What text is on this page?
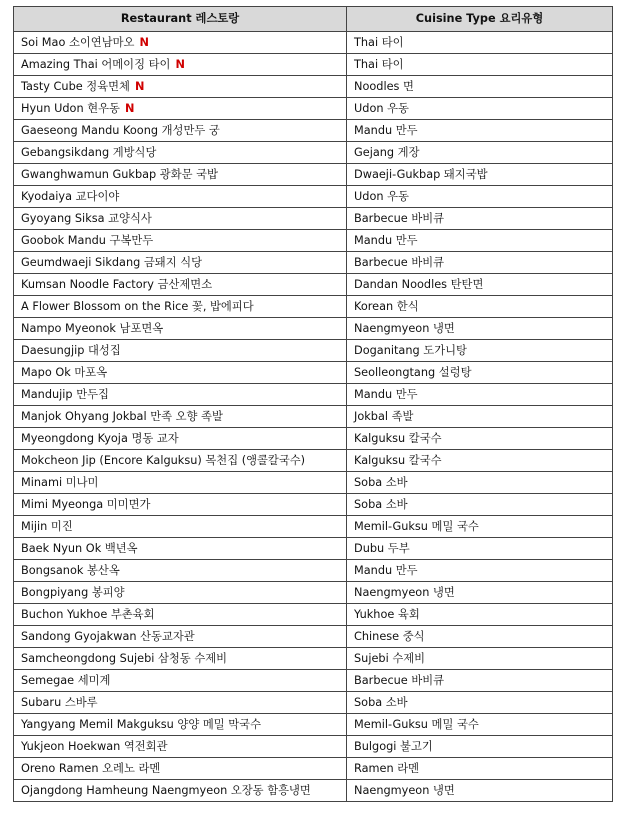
Restaurant 레스토랑	Cuisine Type 요리유형
Soi Mao 소이연남마오 N	Thai 타이
Amazing Thai 어메이징 타이 N	Thai 타이
Tasty Cube 정육면체 N	Noodles 면
Hyun Udon 현우동 N	Udon 우동
Gaeseong Mandu Koong 개성만두 궁	Mandu 만두
Gebangsikdang 게방식당	Gejang 게장
Gwanghwamun Gukbap 광화문 국밥	Dwaeji-Gukbap 돼지국밥
Kyodaiya 교다이야	Udon 우동
Gyoyang Siksa 교양식사	Barbecue 바비큐
Goobok Mandu 구복만두	Mandu 만두
Geumdwaeji Sikdang 금돼지 식당	Barbecue 바비큐
Kumsan Noodle Factory 금산제면소	Dandan Noodles 탄탄면
A Flower Blossom on the Rice 꽃, 밥에피다	Korean 한식
Nampo Myeonok 남포면옥	Naengmyeon 냉면
Daesungjip 대성집	Doganitang 도가니탕
Mapo Ok 마포옥	Seolleongtang 설렁탕
Mandujip 만두집	Mandu 만두
Manjok Ohyang Jokbal 만족 오향 족발	Jokbal 족발
Myeongdong Kyoja 명동 교자	Kalguksu 칼국수
Mokcheon Jip (Encore Kalguksu) 목천집 (앵콜칼국수)	Kalguksu 칼국수
Minami 미나미	Soba 소바
Mimi Myeonga 미미면가	Soba 소바
Mijin 미진	Memil-Guksu 메밀 국수
Baek Nyun Ok 백년옥	Dubu 두부
Bongsanok 봉산옥	Mandu 만두
Bongpiyang 봉피양	Naengmyeon 냉면
Buchon Yukhoe 부촌육회	Yukhoe 육회
Sandong Gyojakwan 산동교자관	Chinese 중식
Samcheongdong Sujebi 삼청동 수제비	Sujebi 수제비
Semegae 세미계	Barbecue 바비큐
Subaru 스바루	Soba 소바
Yangyang Memil Makguksu 양양 메밀 막국수	Memil-Guksu 메밀 국수
Yukjeon Hoekwan 역전회관	Bulgogi 불고기
Oreno Ramen 오레노 라멘	Ramen 라멘
Ojangdong Hamheung Naengmyeon 오장동 함흥냉면	Naengmyeon 냉면
